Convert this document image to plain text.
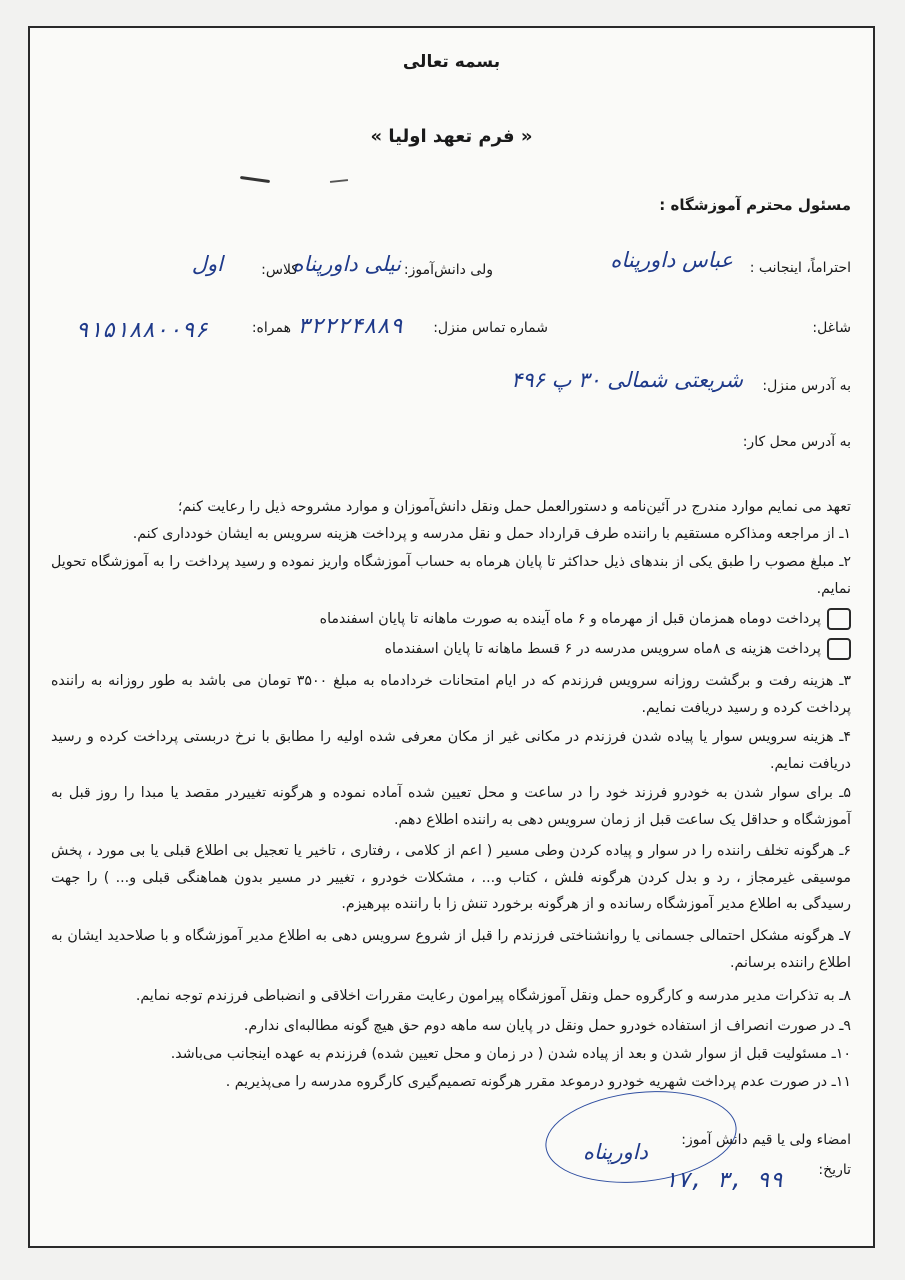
بسمه تعالی
« فرم تعهد اولیا »
مسئول محترم آموزشگاه :
احتراماً، اینجانب :
عباس داورپناه
ولی دانش‌آموز:
نیلی داورپناه
کلاس:
اول
شاغل:
شماره تماس منزل:
۳۲۲۲۴۸۸۹
همراه:
۹۱۵۱۸۸۰۰۹۶
به آدرس منزل:
شریعتی شمالی ۳۰ پ ۴۹۶
به آدرس محل کار:
تعهد می نمایم موارد مندرج در آئین‌نامه و دستورالعمل حمل ونقل دانش‌آموزان و موارد مشروحه ذیل را رعایت کنم؛
۱ـ از مراجعه ومذاکره مستقیم با راننده طرف قرارداد حمل و نقل مدرسه و پرداخت هزینه سرویس به ایشان خودداری کنم.
۲ـ مبلغ مصوب را طبق یکی از بندهای ذیل حداکثر تا پایان هرماه به حساب آموزشگاه واریز نموده و رسید پرداخت را به آموزشگاه تحویل نمایم.
پرداخت دوماه همزمان قبل از مهرماه و ۶ ماه آینده به صورت ماهانه تا پایان اسفندماه
پرداخت هزینه ی ۸ماه سرویس مدرسه در ۶ قسط ماهانه تا پایان اسفندماه
۳ـ هزینه رفت و برگشت روزانه سرویس فرزندم که در ایام امتحانات خردادماه به مبلغ ۳۵۰۰ تومان می باشد به طور روزانه به راننده پرداخت کرده و رسید دریافت نمایم.
۴ـ هزینه سرویس سوار یا پیاده شدن فرزندم در مکانی غیر از مکان معرفی شده اولیه را مطابق با نرخ دربستی پرداخت کرده و رسید دریافت نمایم.
۵ـ برای سوار شدن به خودرو فرزند خود را در ساعت و محل تعیین شده آماده نموده و هرگونه تغییردر مقصد یا مبدا را روز قبل به آموزشگاه و حداقل یک ساعت قبل از زمان سرویس دهی به راننده اطلاع دهم.
۶ـ هرگونه تخلف راننده را در سوار و پیاده کردن وطی مسیر ( اعم از کلامی ، رفتاری ، تاخیر یا تعجیل بی اطلاع قبلی یا بی مورد ، پخش موسیقی غیرمجاز ، رد و بدل کردن هرگونه فلش ، کتاب و... ، مشکلات خودرو ، تغییر در مسیر بدون هماهنگی قبلی و... ) را جهت رسیدگی به اطلاع مدیر آموزشگاه رسانده و از هرگونه برخورد تنش زا با راننده بپرهیزم.
۷ـ هرگونه مشکل احتمالی جسمانی یا روانشناختی فرزندم را قبل از شروع سرویس دهی به اطلاع مدیر آموزشگاه و با صلاحدید ایشان به اطلاع راننده برسانم.
۸ـ به تذکرات مدیر مدرسه و کارگروه حمل ونقل آموزشگاه پیرامون رعایت مقررات اخلاقی و انضباطی فرزندم توجه نمایم.
۹ـ در صورت انصراف از استفاده خودرو حمل ونقل در پایان سه ماهه دوم حق هیچ گونه مطالبه‌ای ندارم.
۱۰ـ مسئولیت قبل از سوار شدن و بعد از پیاده شدن ( در زمان و محل تعیین شده) فرزندم به عهده اینجانب می‌باشد.
۱۱ـ در صورت عدم پرداخت شهریه خودرو درموعد مقرر هرگونه تصمیم‌گیری کارگروه مدرسه را می‌پذیریم .
امضاء ولی یا قیم دانش آموز:
داورپناه
تاریخ:
۹۹ ,۳ ,۱۷
